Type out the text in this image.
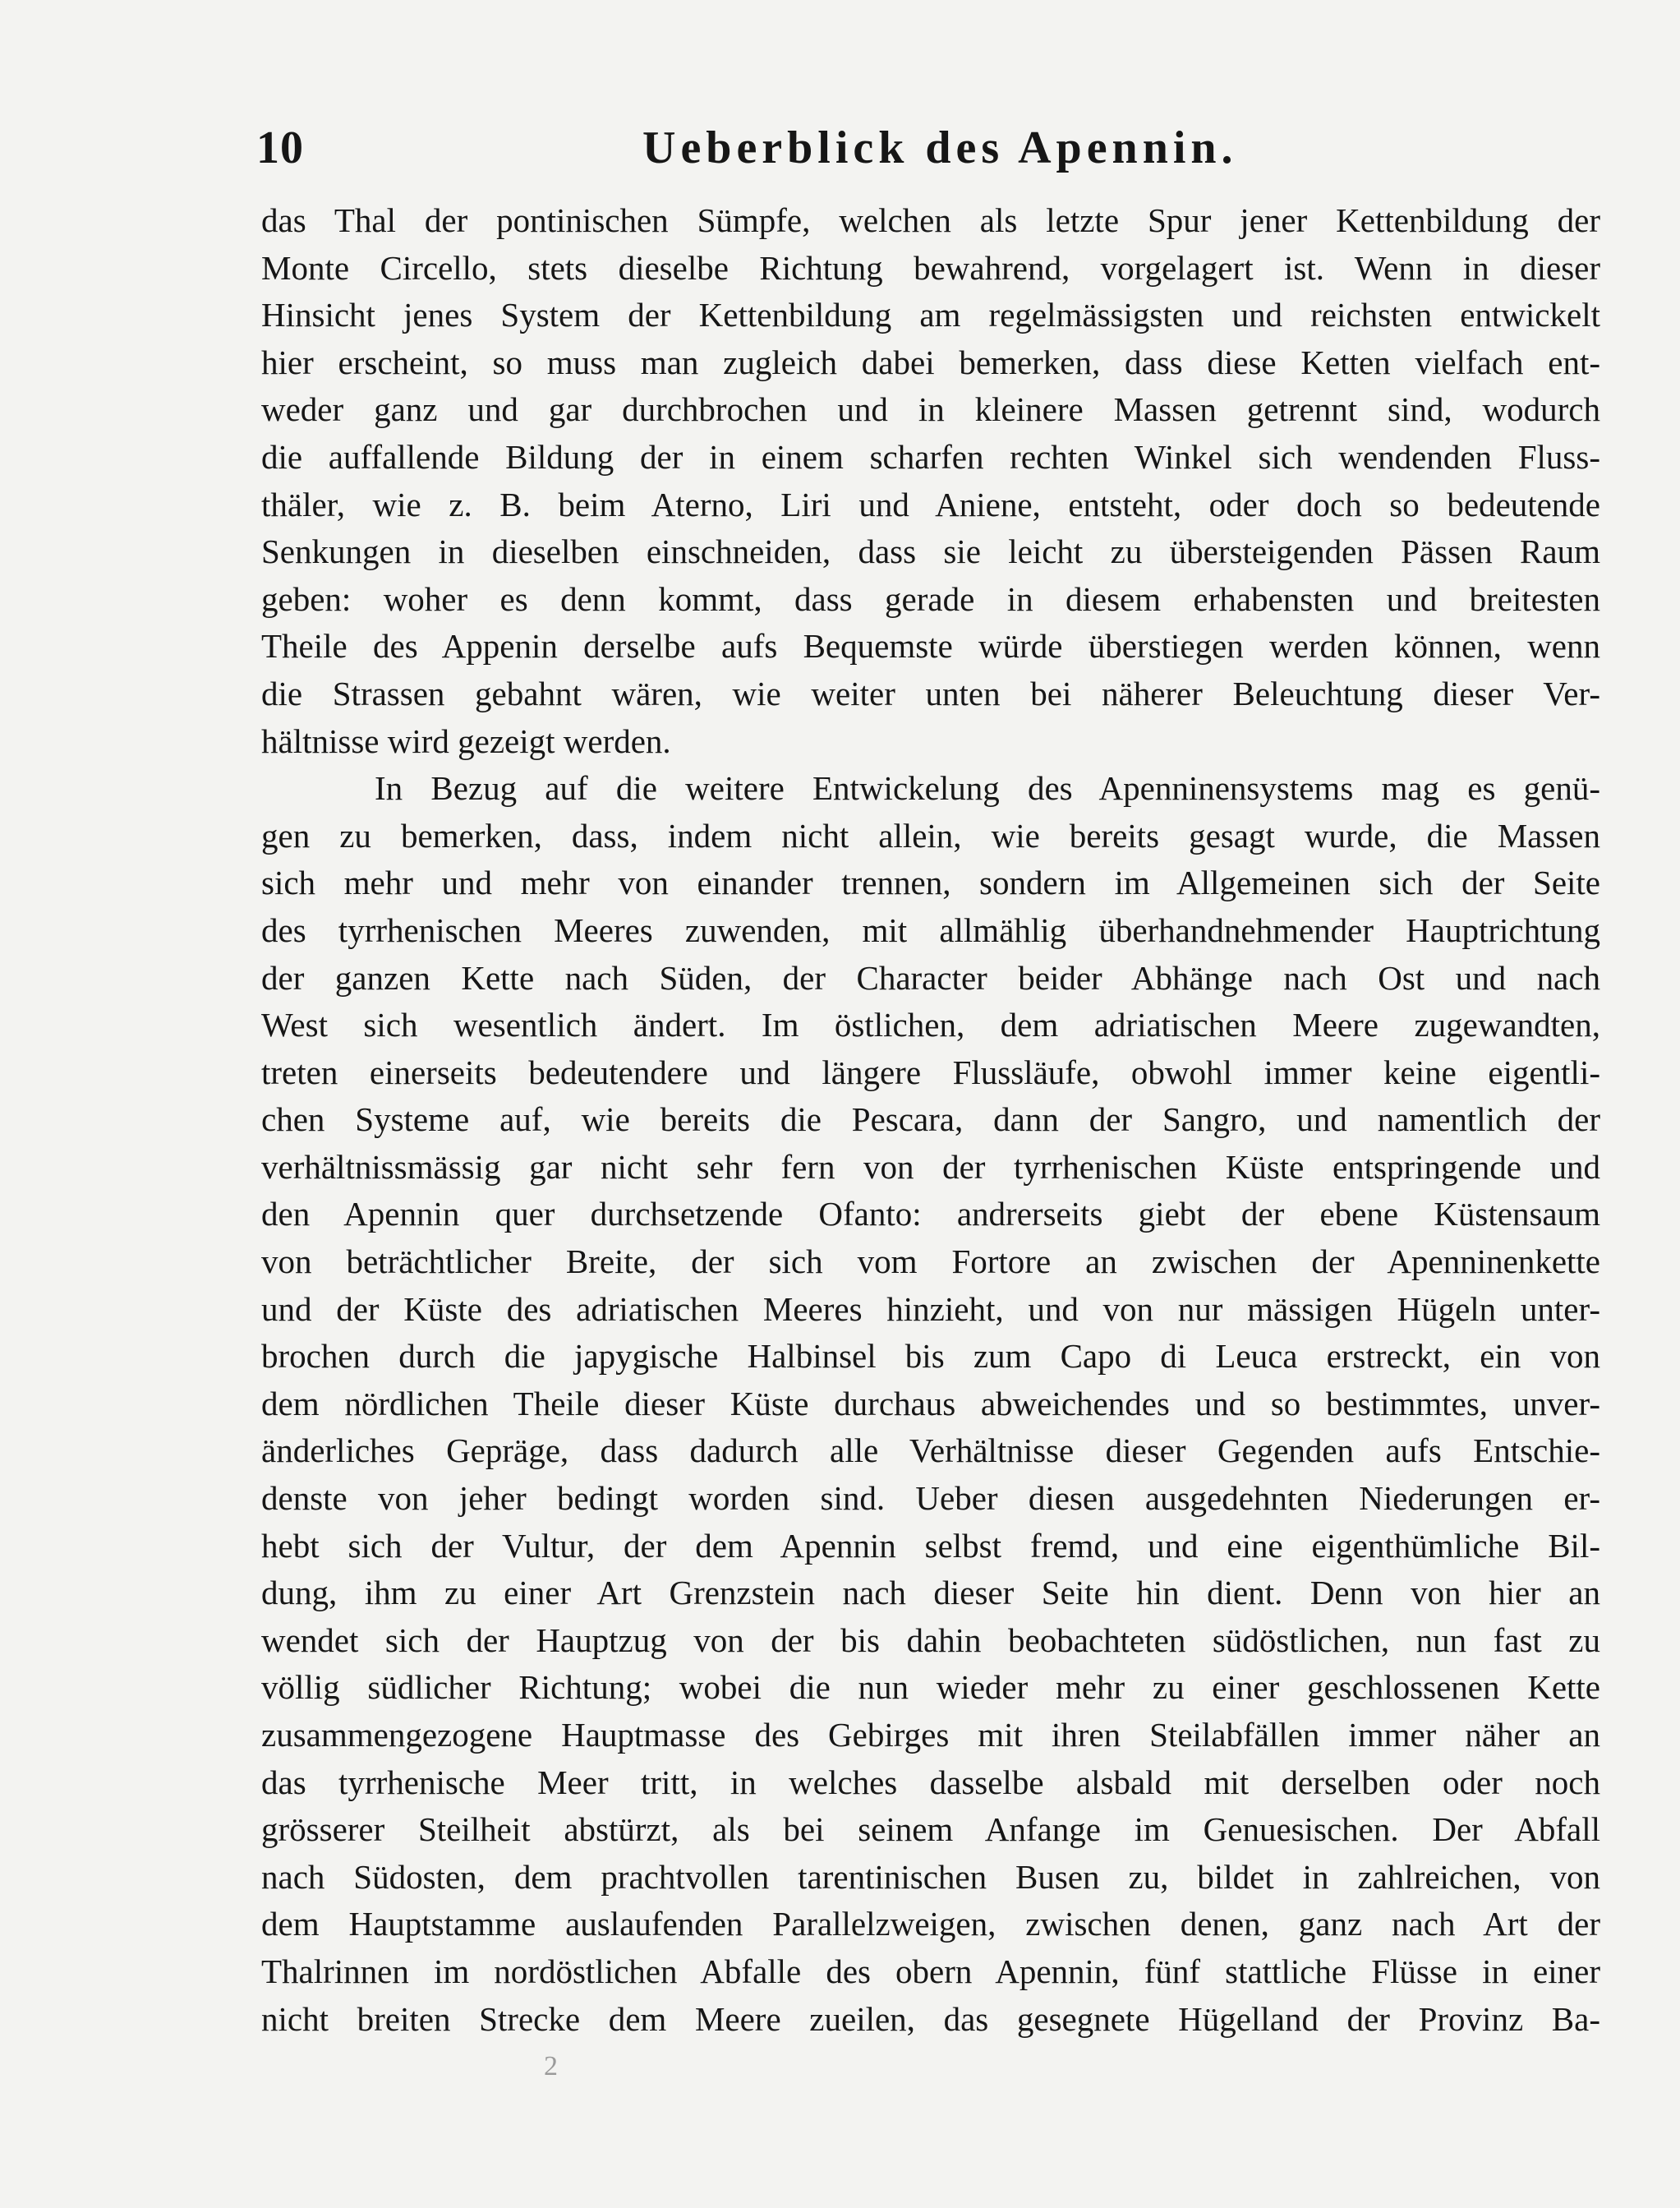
10	Ueberblick des Apennin.
das Thal der pontinischen Sümpfe, welchen als letzte Spur jener Kettenbildung der
Monte Circello, stets dieselbe Richtung bewahrend, vorgelagert ist. Wenn in dieser
Hinsicht jenes System der Kettenbildung am regelmässigsten und reichsten entwickelt
hier erscheint, so muss man zugleich dabei bemerken, dass diese Ketten vielfach ent-
weder ganz und gar durchbrochen und in kleinere Massen getrennt sind, wodurch
die auffallende Bildung der in einem scharfen rechten Winkel sich wendenden Fluss-
thäler, wie z. B. beim Aterno, Liri und Aniene, entsteht, oder doch so bedeutende
Senkungen in dieselben einschneiden, dass sie leicht zu übersteigenden Pässen Raum
geben: woher es denn kommt, dass gerade in diesem erhabensten und breitesten
Theile des Appenin derselbe aufs Bequemste würde überstiegen werden können, wenn
die Strassen gebahnt wären, wie weiter unten bei näherer Beleuchtung dieser Ver-
hältnisse wird gezeigt werden.
In Bezug auf die weitere Entwickelung des Apenninensystems mag es genü-
gen zu bemerken, dass, indem nicht allein, wie bereits gesagt wurde, die Massen
sich mehr und mehr von einander trennen, sondern im Allgemeinen sich der Seite
des tyrrhenischen Meeres zuwenden, mit allmählig überhandnehmender Hauptrichtung
der ganzen Kette nach Süden, der Character beider Abhänge nach Ost und nach
West sich wesentlich ändert. Im östlichen, dem adriatischen Meere zugewandten,
treten einerseits bedeutendere und längere Flussläufe, obwohl immer keine eigentli-
chen Systeme auf, wie bereits die Pescara, dann der Sangro, und namentlich der
verhältnissmässig gar nicht sehr fern von der tyrrhenischen Küste entspringende und
den Apennin quer durchsetzende Ofanto: andrerseits giebt der ebene Küstensaum
von beträchtlicher Breite, der sich vom Fortore an zwischen der Apenninenkette
und der Küste des adriatischen Meeres hinzieht, und von nur mässigen Hügeln unter-
brochen durch die japygische Halbinsel bis zum Capo di Leuca erstreckt, ein von
dem nördlichen Theile dieser Küste durchaus abweichendes und so bestimmtes, unver-
änderliches Gepräge, dass dadurch alle Verhältnisse dieser Gegenden aufs Entschie-
denste von jeher bedingt worden sind. Ueber diesen ausgedehnten Niederungen er-
hebt sich der Vultur, der dem Apennin selbst fremd, und eine eigenthümliche Bil-
dung, ihm zu einer Art Grenzstein nach dieser Seite hin dient. Denn von hier an
wendet sich der Hauptzug von der bis dahin beobachteten südöstlichen, nun fast zu
völlig südlicher Richtung; wobei die nun wieder mehr zu einer geschlossenen Kette
zusammengezogene Hauptmasse des Gebirges mit ihren Steilabfällen immer näher an
das tyrrhenische Meer tritt, in welches dasselbe alsbald mit derselben oder noch
grösserer Steilheit abstürzt, als bei seinem Anfange im Genuesischen. Der Abfall
nach Südosten, dem prachtvollen tarentinischen Busen zu, bildet in zahlreichen, von
dem Hauptstamme auslaufenden Parallelzweigen, zwischen denen, ganz nach Art der
Thalrinnen im nordöstlichen Abfalle des obern Apennin, fünf stattliche Flüsse in einer
nicht breiten Strecke dem Meere zueilen, das gesegnete Hügelland der Provinz Ba-
2
